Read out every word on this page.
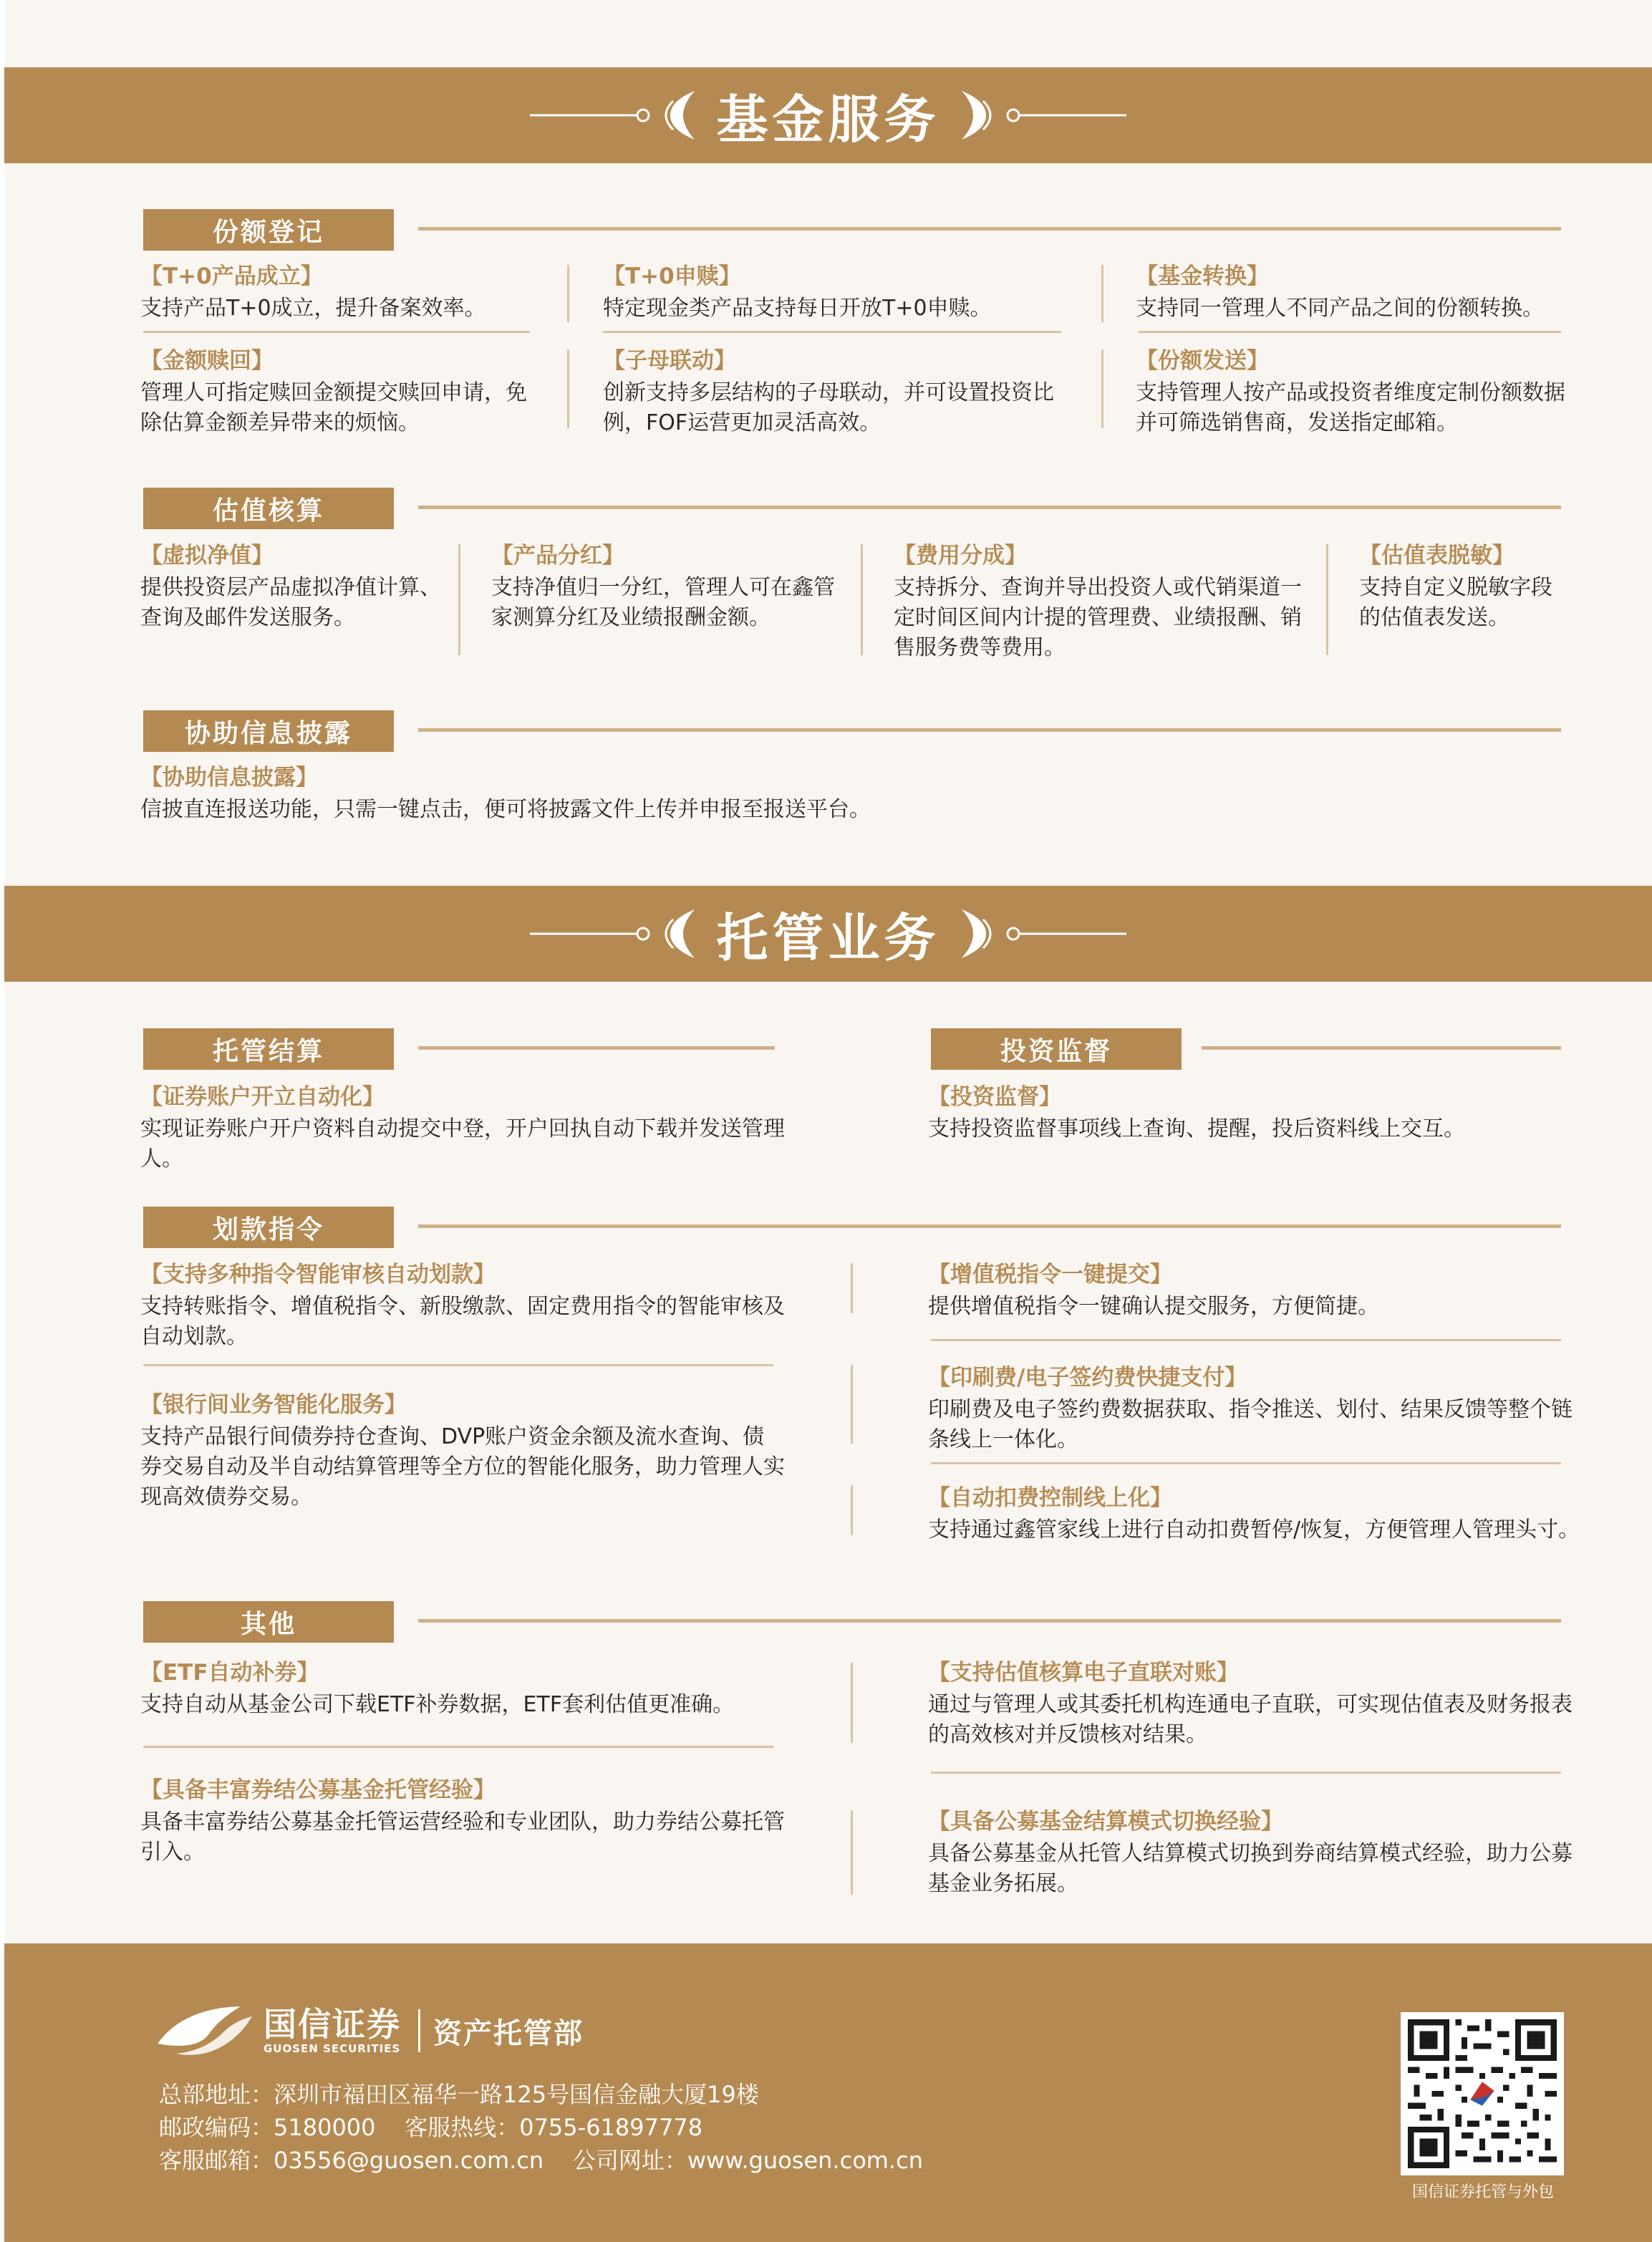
基金服务
份额登记
【T+0产品成立】
支持产品T+0成立，提升备案效率。
【T+0申赎】
特定现金类产品支持每日开放T+0申赎。
【基金转换】
支持同一管理人不同产品之间的份额转换。
【金额赎回】
管理人可指定赎回金额提交赎回申请，免除估算金额差异带来的烦恼。
【子母联动】
创新支持多层结构的子母联动，并可设置投资比例，FOF运营更加灵活高效。
【份额发送】
支持管理人按产品或投资者维度定制份额数据并可筛选销售商，发送指定邮箱。
估值核算
【虚拟净值】
提供投资层产品虚拟净值计算、查询及邮件发送服务。
【产品分红】
支持净值归一分红，管理人可在鑫管家测算分红及业绩报酬金额。
【费用分成】
支持拆分、查询并导出投资人或代销渠道一定时间区间内计提的管理费、业绩报酬、销售服务费等费用。
【估值表脱敏】
支持自定义脱敏字段的估值表发送。
协助信息披露
【协助信息披露】
信披直连报送功能，只需一键点击，便可将披露文件上传并申报至报送平台。
托管业务
托管结算	投资监督
【证券账户开立自动化】
实现证券账户开户资料自动提交中登，开户回执自动下载并发送管理人。
【投资监督】
支持投资监督事项线上查询、提醒，投后资料线上交互。
划款指令
【支持多种指令智能审核自动划款】
支持转账指令、增值税指令、新股缴款、固定费用指令的智能审核及自动划款。
【银行间业务智能化服务】
支持产品银行间债券持仓查询、DVP账户资金余额及流水查询、债券交易自动及半自动结算管理等全方位的智能化服务，助力管理人实现高效债券交易。
【增值税指令一键提交】
提供增值税指令一键确认提交服务，方便简捷。
【印刷费/电子签约费快捷支付】
印刷费及电子签约费数据获取、指令推送、划付、结果反馈等整个链条线上一体化。
【自动扣费控制线上化】
支持通过鑫管家线上进行自动扣费暂停/恢复，方便管理人管理头寸。
其他
【ETF自动补券】
支持自动从基金公司下载ETF补券数据，ETF套利估值更准确。
【具备丰富券结公募基金托管经验】
具备丰富券结公募基金托管运营经验和专业团队，助力券结公募托管引入。
【支持估值核算电子直联对账】
通过与管理人或其委托机构连通电子直联，可实现估值表及财务报表的高效核对并反馈核对结果。
【具备公募基金结算模式切换经验】
具备公募基金从托管人结算模式切换到券商结算模式经验，助力公募基金业务拓展。
国信证券
GUOSEN SECURITIES 资产托管部
总部地址：深圳市福田区福华一路125号国信金融大厦19楼
邮政编码：5180000    客服热线：0755-61897778
客服邮箱：03556@guosen.com.cn    公司网址：www.guosen.com.cn
国信证券托管与外包
